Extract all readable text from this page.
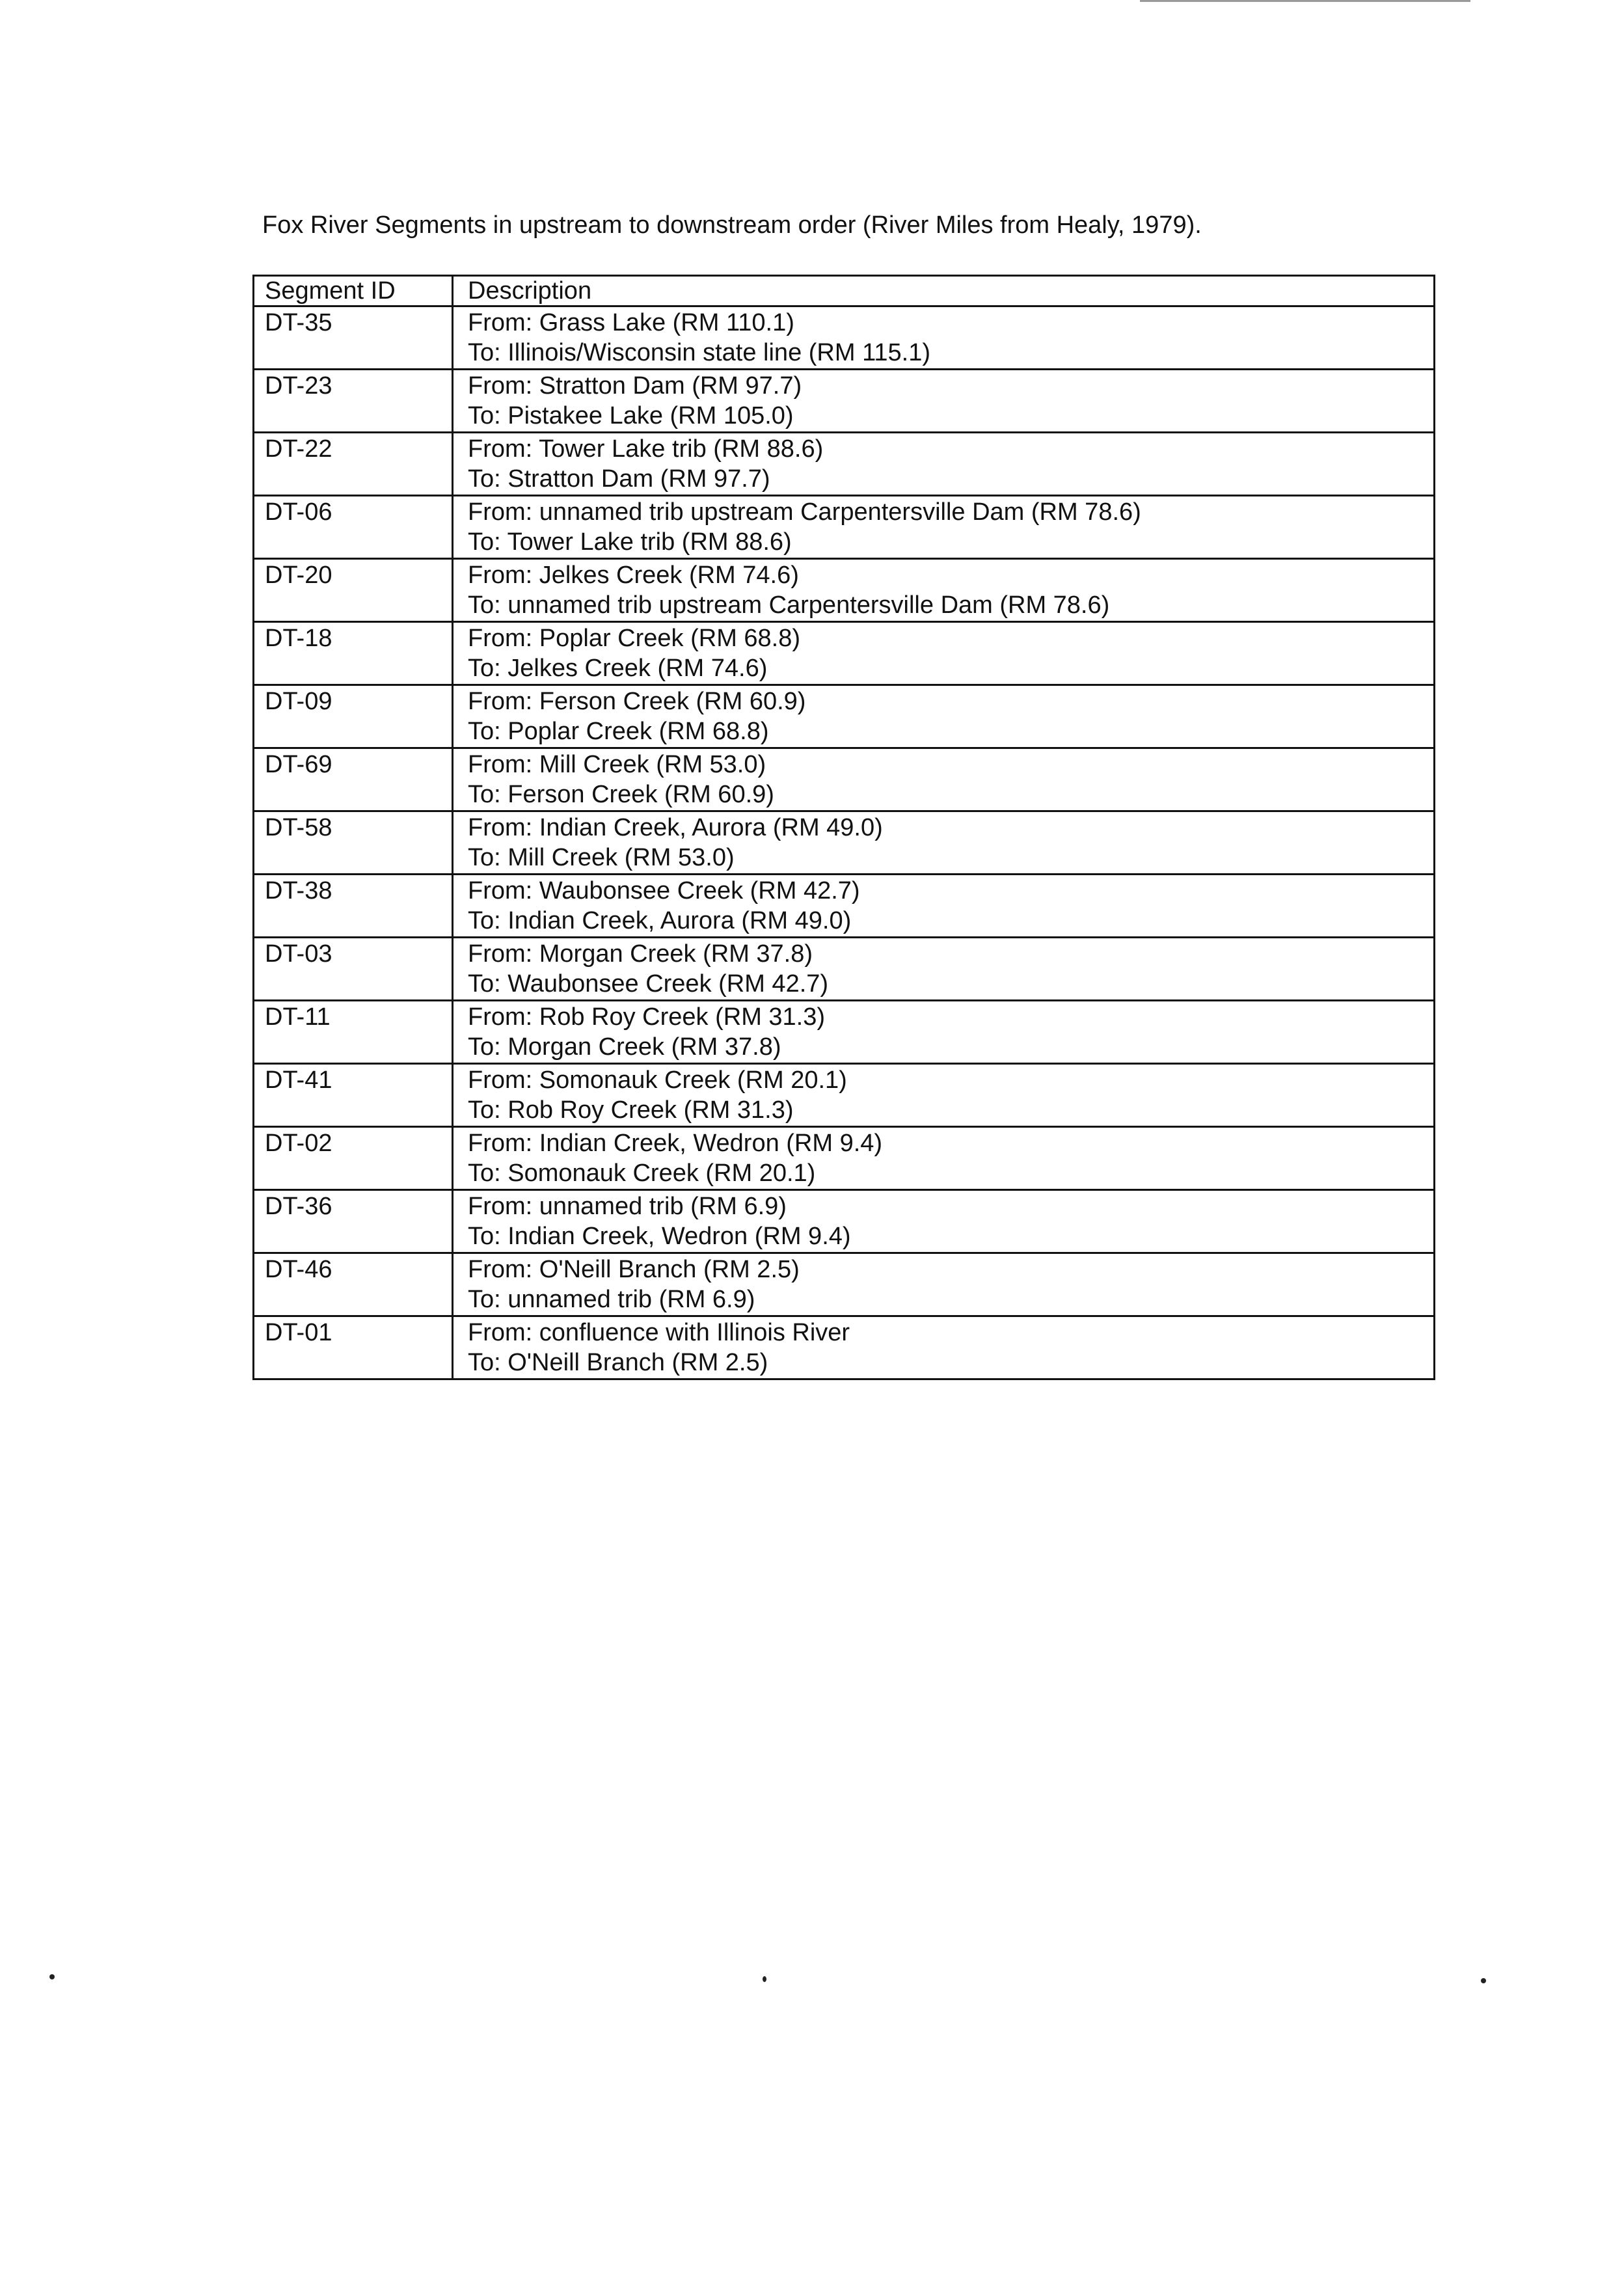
Fox River Segments in upstream to downstream order (River Miles from Healy, 1979).
Segment ID	Description
DT-35	From: Grass Lake (RM 110.1)
To: Illinois/Wisconsin state line (RM 115.1)
DT-23	From: Stratton Dam (RM 97.7)
To: Pistakee Lake (RM 105.0)
DT-22	From: Tower Lake trib (RM 88.6)
To: Stratton Dam (RM 97.7)
DT-06	From: unnamed trib upstream Carpentersville Dam (RM 78.6)
To: Tower Lake trib (RM 88.6)
DT-20	From: Jelkes Creek (RM 74.6)
To: unnamed trib upstream Carpentersville Dam (RM 78.6)
DT-18	From: Poplar Creek (RM 68.8)
To: Jelkes Creek (RM 74.6)
DT-09	From: Ferson Creek (RM 60.9)
To: Poplar Creek (RM 68.8)
DT-69	From: Mill Creek (RM 53.0)
To: Ferson Creek (RM 60.9)
DT-58	From: Indian Creek, Aurora (RM 49.0)
To: Mill Creek (RM 53.0)
DT-38	From: Waubonsee Creek (RM 42.7)
To: Indian Creek, Aurora (RM 49.0)
DT-03	From: Morgan Creek (RM 37.8)
To: Waubonsee Creek (RM 42.7)
DT-11	From: Rob Roy Creek (RM 31.3)
To: Morgan Creek (RM 37.8)
DT-41	From: Somonauk Creek (RM 20.1)
To: Rob Roy Creek (RM 31.3)
DT-02	From: Indian Creek, Wedron (RM 9.4)
To: Somonauk Creek (RM 20.1)
DT-36	From: unnamed trib (RM 6.9)
To: Indian Creek, Wedron (RM 9.4)
DT-46	From: O'Neill Branch (RM 2.5)
To: unnamed trib (RM 6.9)
DT-01	From: confluence with Illinois River
To: O'Neill Branch (RM 2.5)
